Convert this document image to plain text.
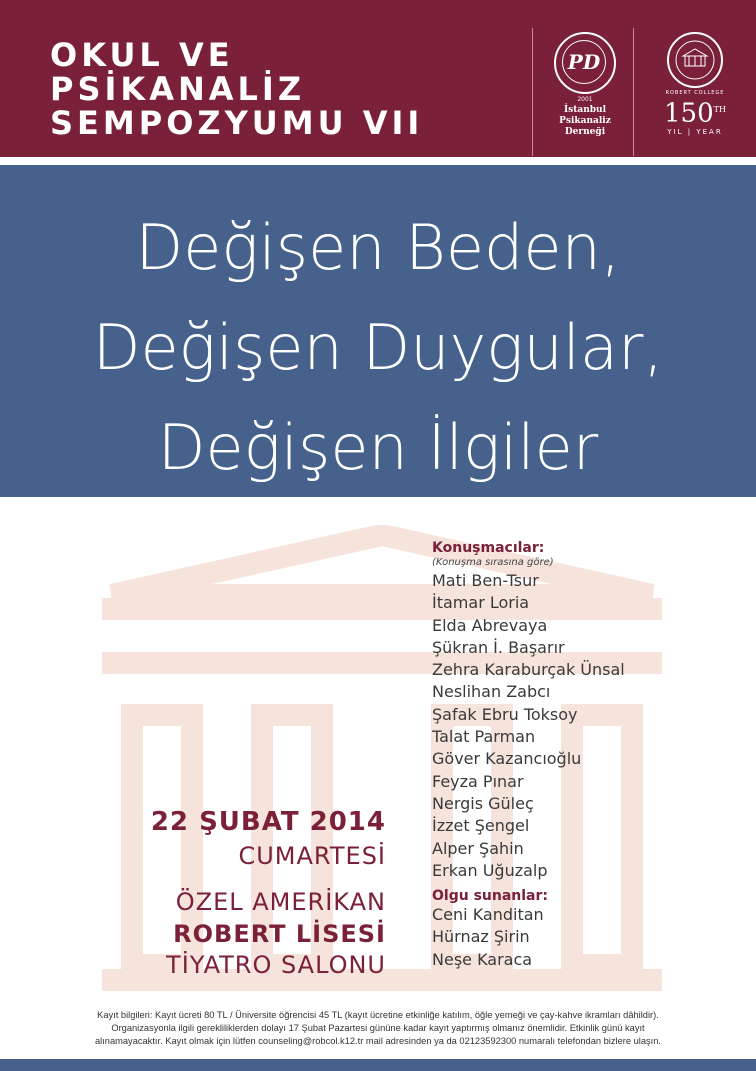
OKUL VE
PSİKANALİZ
SEMPOZYUMU VII
PD
2001
İstanbul
Psikanaliz
Derneği
ROBERT COLLEGE
150TH
YIL | YEAR
Değişen Beden,
Değişen Duygular,
Değişen İlgiler
Konuşmacılar:
(Konuşma sırasına göre)
Mati Ben-Tsur
İtamar Loria
Elda Abrevaya
Şükran İ. Başarır
Zehra Karaburçak Ünsal
Neslihan Zabcı
Şafak Ebru Toksoy
Talat Parman
Göver Kazancıoğlu
Feyza Pınar
Nergis Güleç
İzzet Şengel
Alper Şahin
Erkan Uğuzalp
Olgu sunanlar:
Ceni Kanditan
Hürnaz Şirin
Neşe Karaca
22 ŞUBAT 2014
CUMARTESİ
ÖZEL AMERİKAN
ROBERT LİSESİ
TİYATRO SALONU
Kayıt bilgileri: Kayıt ücreti 80 TL / Üniversite öğrencisi 45 TL (kayıt ücretine etkinliğe katılım, öğle yemeği ve çay-kahve ikramları dâhildir).
Organizasyonla ilgili gerekliliklerden dolayı 17 Şubat Pazartesi gününe kadar kayıt yaptırmış olmanız önemlidir. Etkinlik günü kayıt
alınamayacaktır. Kayıt olmak için lütfen counseling@robcol.k12.tr mail adresinden ya da 02123592300 numaralı telefondan bizlere ulaşın.
